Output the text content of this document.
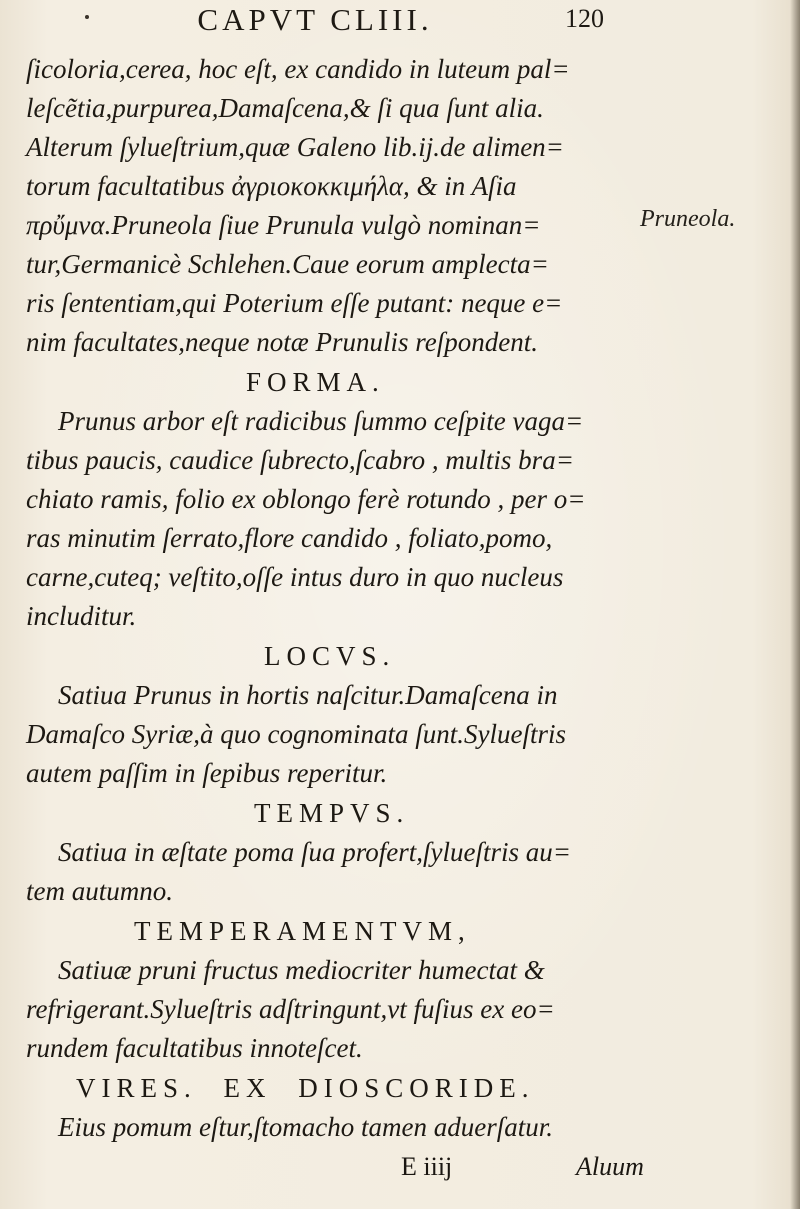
CAPVT CLIII.	120
Pruneola.
ſicoloria,cerea, hoc eſt, ex candido in luteum pal=
leſcẽtia,purpurea,Damaſcena,& ſi qua ſunt alia.
Alterum ſylueſtrium,quæ Galeno lib.ij.de alimen=
torum facultatibus ἀγριοκοκκιμήλα, & in Aſia
πρὔμνα.Pruneola ſiue Prunula vulgò nominan=
tur,Germanicè Schlehen.Caue eorum amplecta=
ris ſententiam,qui Poterium eſſe putant: neque e=
nim facultates,neque notæ Prunulis reſpondent.
FORMA.
Prunus arbor eſt radicibus ſummo ceſpite vaga=
tibus paucis, caudice ſubrecto,ſcabro , multis bra=
chiato ramis, folio ex oblongo ferè rotundo , per o=
ras minutim ſerrato,flore candido , foliato,pomo,
carne,cuteq; veſtito,oſſe intus duro in quo nucleus
includitur.
LOCVS.
Satiua Prunus in hortis naſcitur.Damaſcena in
Damaſco Syriæ,à quo cognominata ſunt.Sylueſtris
autem paſſim in ſepibus reperitur.
TEMPVS.
Satiua in æſtate poma ſua profert,ſylueſtris au=
tem autumno.
TEMPERAMENTVM,
Satiuæ pruni fructus mediocriter humectat &
refrigerant.Sylueſtris adſtringunt,vt fuſius ex eo=
rundem facultatibus innoteſcet.
VIRES. EX DIOSCORIDE.
Eius pomum eſtur,ſtomacho tamen aduerſatur.
E iiij	Aluum
